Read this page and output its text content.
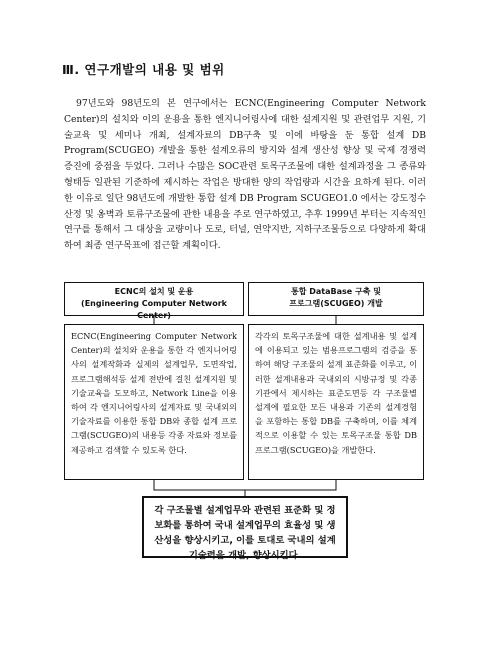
Ⅲ. 연구개발의 내용 및 범위

97년도와 98년도의 본 연구에서는 ECNC(Engineering Computer Network Center)의 설치와 이의 운용을 통한 엔지니어링사에 대한 설계지원 및 관련업무 지원, 기술교육 및 세미나 개최, 설계자료의 DB구축 및 이에 바탕을 둔 통합 설계 DB Program(SCUGEO) 개발을 통한 설계오류의 방지와 설계 생산성 향상 및 국제 경쟁력 증진에 중점을 두었다. 그러나 수많은 SOC관련 토목구조물에 대한 설계과정을 그 종류와 형태등 일관된 기준하에 제시하는 작업은 방대한 양의 작업량과 시간을 요하게 된다. 이러한 이유로 일단 98년도에 개발한 통합 설계 DB Program SCUGEO1.0 에서는 강도정수산정 및 옹벽과 토류구조물에 관한 내용을 주로 연구하였고, 추후 1999년 부터는 지속적인 연구를 통해서 그 대상을 교량이나 도로, 터널, 연약지반, 지하구조물등으로 다양하게 확대하여 최종 연구목표에 접근할 계획이다.

ECNC의 설치 및 운용
(Engineering Computer Network Center)
통합 DataBase 구축 및
프로그램(SCUGEO) 개발
ECNC(Engineering Computer Network Center)의 설치와 운용을 통한 각 엔지니어링사의 설계작화과 실제의 설계업무, 도면작업, 프로그램해석등 설계 전반에 걸친 설계지원 및 기술교육을 도모하고, Network Line을 이용하여 각 엔지니어링사의 설계자료 및 국내외의 기술자료를 이용한 통합 DB와 종합 설계 프로그램(SCUGEO)의 내용등 각종 자료와 정보를 제공하고 검색할 수 있도록 한다.
각각의 토목구조물에 대한 설계내용 및 설계에 이용되고 있는 범용프로그램의 검증을 통하여 해당 구조물의 설계 표준화를 이루고, 이러한 설계내용과 국내외의 시방규정 및 각종 기관에서 제시하는 표준도면등 각 구조물별 설계에 필요한 모든 내용과 기존의 설계경험을 포함하는 통합 DB를 구축하며, 이를 체계적으로 이용할 수 있는 토목구조물 통합 DB 프로그램(SCUGEO)을 개발한다.
각 구조물별 설계업무와 관련된 표준화 및 정보화를 통하여 국내 설계업무의 효율성 및 생산성을 향상시키고, 이를 토대로 국내의 설계 기술력을 개발, 향상시킨다.
